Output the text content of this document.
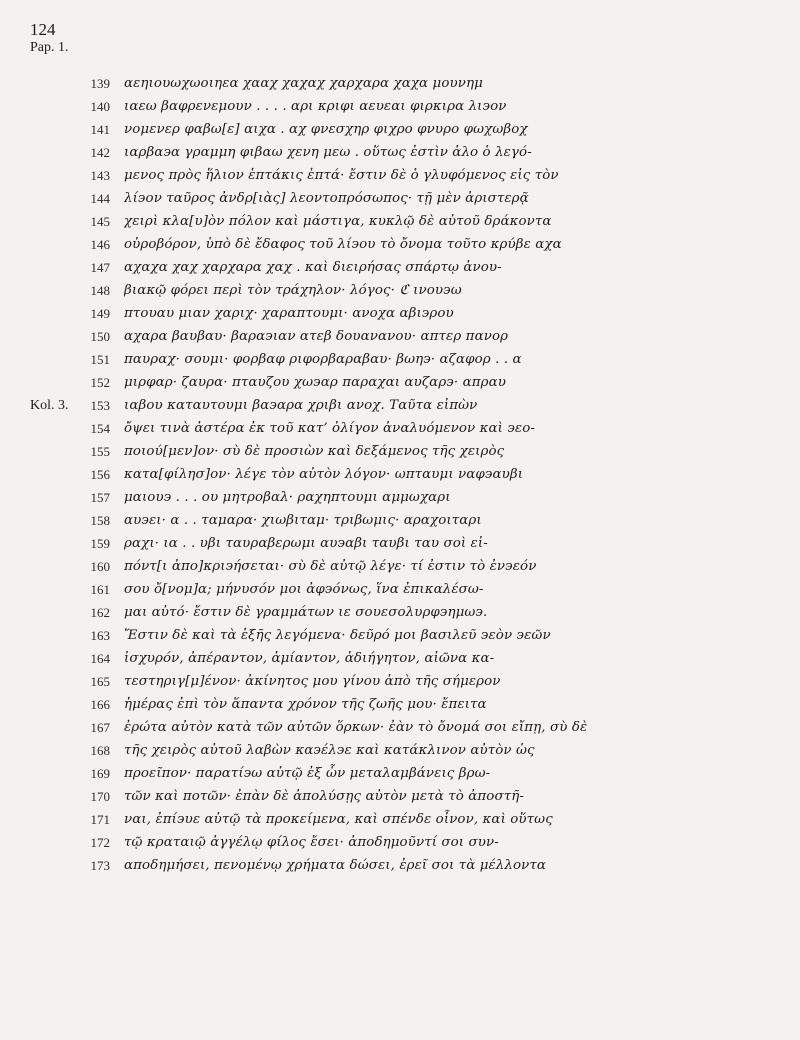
124
Pap. 1.
139 αεηιουωχωοιηεα χααχ χαχαχ χαρχαρα χαχα μουνημ
140 ιαεω βαφρενεμουν . . . . αρι κριφι αευεαι φιρκιρα λι϶ον
141 νομενερ φαβω[ε] αιχα . αχ φνεσχηρ φιχρο φνυρο φωχωβοχ
142 ιαρβα϶α γραμμη φιβαω χενη μεω . οὕτως ἐστὶν ἀλο ὁ λεγό-
143 μενος πρὸς ἥλιον ἑπτάκις ἑπτά· ἔστιν δὲ ὁ γλυφόμενος εἰς τὸν
144 λί϶ον ταῦρος ἀνδρ[ιὰς] λεοντοπρόσωπος· τῇ μὲν ἀριστερᾷ
145 χειρὶ κλα[υ]ὸν πόλον καὶ μάστιγα, κυκλῷ δὲ αὐτοῦ δράκοντα
146 οὐροβόρον, ὑπὸ δὲ ἔδαφος τοῦ λί϶ου τὸ ὄνομα τοῦτο κρύβε αχα
147 αχαχα χαχ χαρχαρα χαχ . καὶ διειρήσας σπάρτῳ ἀνου-
148 βιακῷ φόρει περὶ τὸν τράχηλον· λόγος· ℭ ινου϶ω
149 πτουαυ μιαν χαριχ· χαραπτουμι· ανοχα αβι϶ρου
150 αχαρα βαυβαυ· βαρα϶ιαν ατεβ δουανανου· απτερ πανορ
151 παυραχ· σουμι· φορβαφ ριφορβαραβαυ· βωη϶· αζαφορ . . α
152 μιρφαρ· ζαυρα· πταυζου χω϶αρ παραχαι αυζαρ϶· απραυ
Kol. 3.	153 ιαβου καταυτουμι βα϶αρα χριβι ανοχ. Ταῦτα εἰπὼν
154 ὄψει τινὰ ἀστέρα ἐκ τοῦ κατ’ ὀλίγον ἀναλυόμενον καὶ ϶εο-
155 ποιού[μεν]ον· σὺ δὲ προσιὼν καὶ δεξάμενος τῆς χειρὸς
156 κατα[φίλησ]ον· λέγε τὸν αὐτὸν λόγον· ωπταυμι ναφ϶αυβι
157 μαιου϶ . . . ου μητροβαλ· ραχηπτουμι αμμωχαρι
158 αυ϶ει· α . . ταμαρα· χιωβιταμ· τριβωμις· αραχοιταρι
159 ραχι· ια . . υβι ταυραβερωμι αυ϶αβι ταυβι ταυ σοὶ εἰ-
160 πόντ[ι ἀπο]κρι϶ήσεται· σὺ δὲ αὐτῷ λέγε· τί ἐστιν τὸ ἐν϶εόν
161 σου ὄ[νομ]α; μήνυσόν μοι ἀφ϶όνως, ἵνα ἐπικαλέσω-
162 μαι αὐτό· ἔστιν δὲ γραμμάτων ιε σουεσολυρφ϶ημω϶.
163 Ἔστιν δὲ καὶ τὰ ἑξῆς λεγόμενα· δεῦρό μοι βασιλεῦ ϶εὸν ϶εῶν
164 ἰσχυρόν, ἀπέραντον, ἀμίαντον, ἀδιήγητον, αἰῶνα κα-
165 τεστηριγ[μ]ένον· ἀκίνητος μου γίνου ἀπὸ τῆς σήμερον
166 ἡμέρας ἐπὶ τὸν ἅπαντα χρόνον τῆς ζωῆς μου· ἔπειτα
167 ἐρώτα αὐτὸν κατὰ τῶν αὐτῶν ὅρκων· ἐὰν τὸ ὄνομά σοι εἴπῃ, σὺ δὲ
168 τῆς χειρὸς αὐτοῦ λαβὼν κα϶έλ϶ε καὶ κατάκλινον αὐτὸν ὡς
169 προεῖπον· παρατί϶ω αὐτῷ ἐξ ὧν μεταλαμβάνεις βρω-
170 τῶν καὶ ποτῶν· ἐπὰν δὲ ἀπολύσῃς αὐτὸν μετὰ τὸ ἀποστῆ-
171 ναι, ἐπί϶υε αὐτῷ τὰ προκείμενα, καὶ σπένδε οἶνον, καὶ οὕτως
172 τῷ κραταιῷ ἀγγέλῳ φίλος ἔσει· ἀποδημοῦντί σοι συν-
173 αποδημήσει, πενομένῳ χρήματα δώσει, ἐρεῖ σοι τὰ μέλλοντα
